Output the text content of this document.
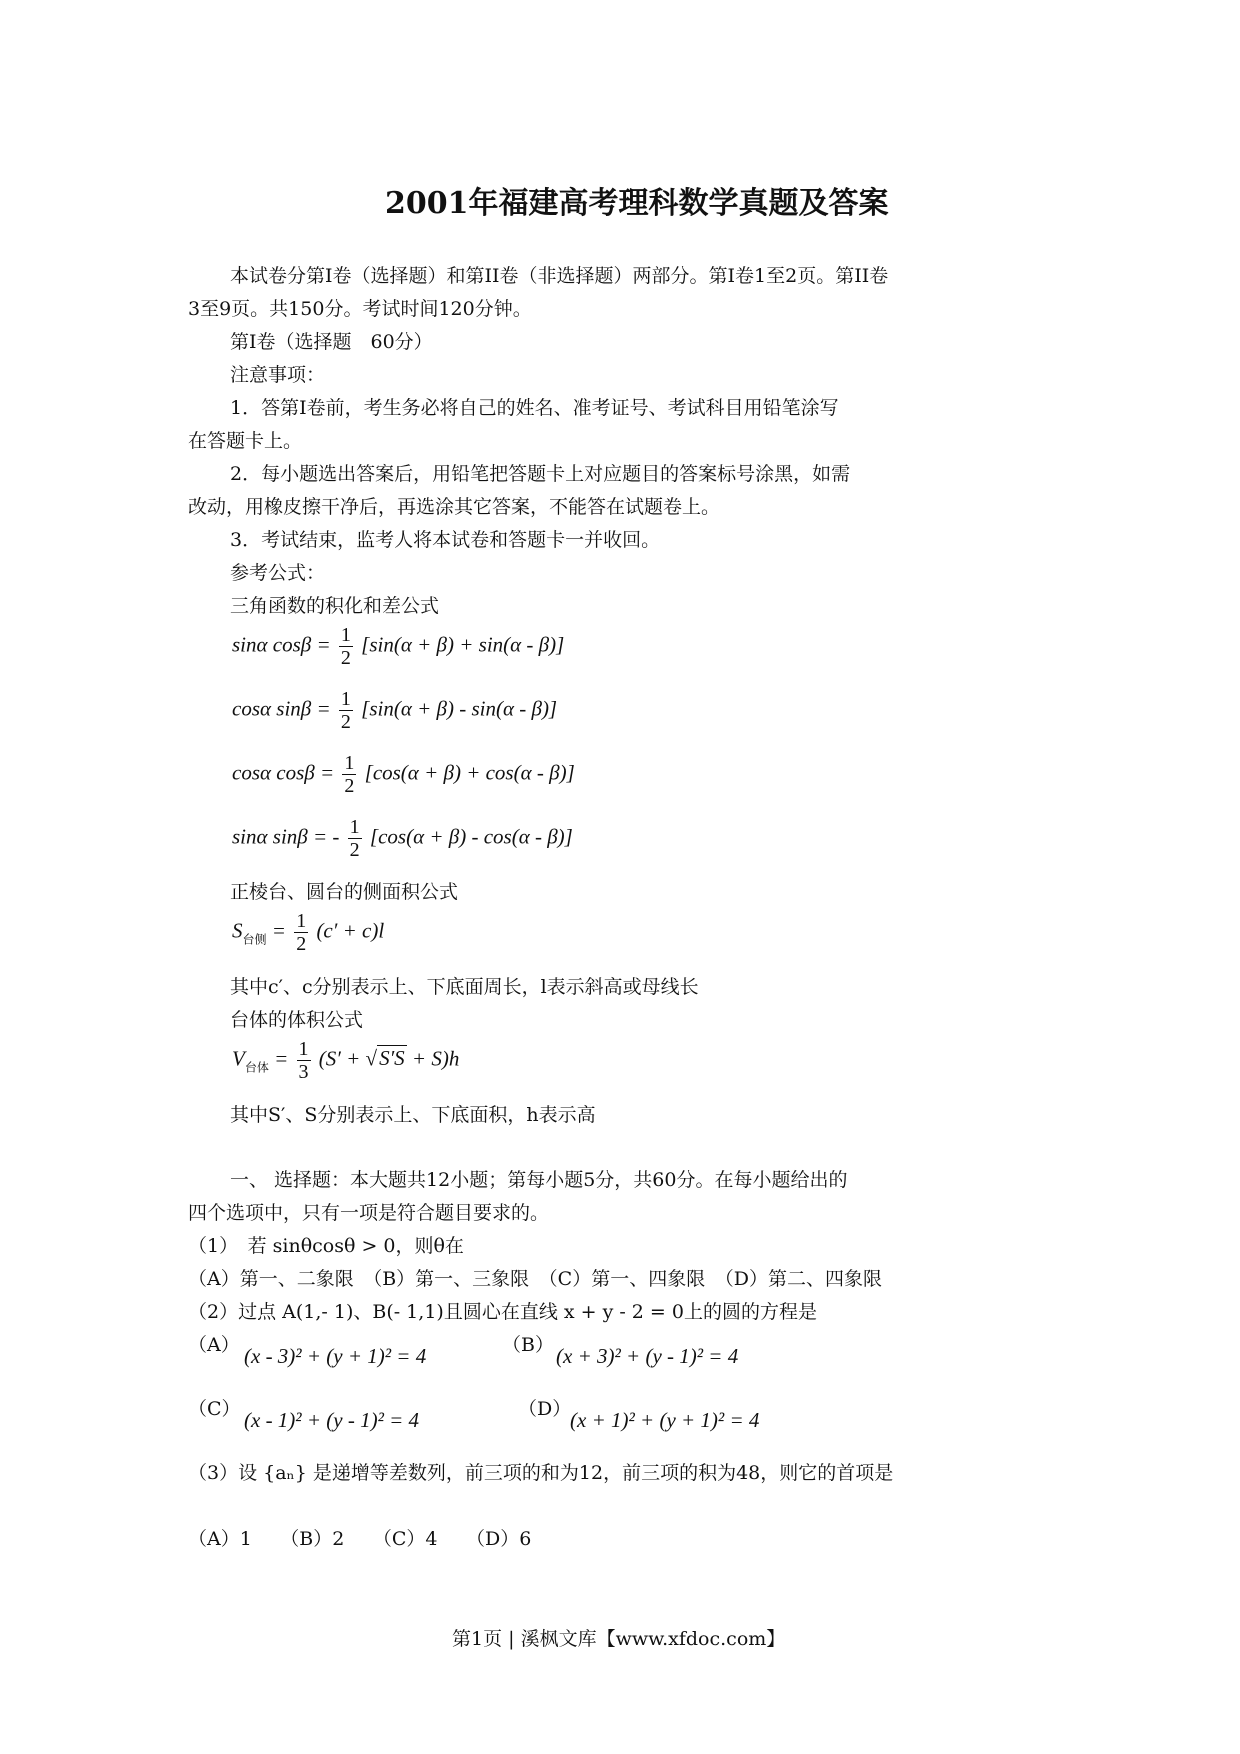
2001年福建高考理科数学真题及答案
本试卷分第Ⅰ卷（选择题）和第II卷（非选择题）两部分。第Ⅰ卷1至2页。第II卷
3至9页。共150分。考试时间120分钟。
第Ⅰ卷（选择题　60分）
注意事项：
1．答第Ⅰ卷前，考生务必将自己的姓名、准考证号、考试科目用铅笔涂写
在答题卡上。
2．每小题选出答案后，用铅笔把答题卡上对应题目的答案标号涂黑，如需
改动，用橡皮擦干净后，再选涂其它答案，不能答在试题卷上。
3．考试结束，监考人将本试卷和答题卡一并收回。
参考公式：
三角函数的积化和差公式
sinα $\cos\beta = \frac{1}{2} [\sin(\alpha + \beta) + \sin(\alpha - \beta)]$
cosα $\sin\beta = \frac{1}{2} [\sin(\alpha + \beta) - \sin(\alpha - \beta)]$
cosα $\cos\beta = \frac{1}{2} [\cos(\alpha + \beta) + \cos(\alpha - \beta)]$
sinα sinβ = - $\frac{1}{2} [\cos(\alpha + \beta) - \cos(\alpha - \beta)]$
正棱台、圆台的侧面积公式
$S_{台侧} = \frac{1}{2} (c' + c)l$
其中c′、c分别表示上、下底面周长，l表示斜高或母线长
台体的体积公式
$V_{台体} = \frac{1}{3} (S' + √S'S + S)h$
其中S′、S分别表示上、下底面积，h表示高
一、 选择题：本大题共12小题；第每小题5分，共60分。在每小题给出的
四个选项中，只有一项是符合题目要求的。
（1）　若 sinθcosθ > 0，则θ在
（A）第一、二象限　（B）第一、三象限　（C）第一、四象限　（D）第二、四象限
（2）过点 A(1,- 1)、B(- 1,1)且圆心在直线 x + y - 2 = 0上的圆的方程是
（A） (x - 3)² + (y + 1)² = 4	（B） (x + 3)² + (y - 1)² = 4
（C） (x - 1)² + (y - 1)² = 4	（D）
(x + 1)² + (y + 1)² = 4
（3）设 {aₙ} 是递增等差数列，前三项的和为12，前三项的积为48，则它的首项是
（A）1　　（B）2　　（C）4　　（D）6
第1页 | 溪枫文库【www.xfdoc.com】
